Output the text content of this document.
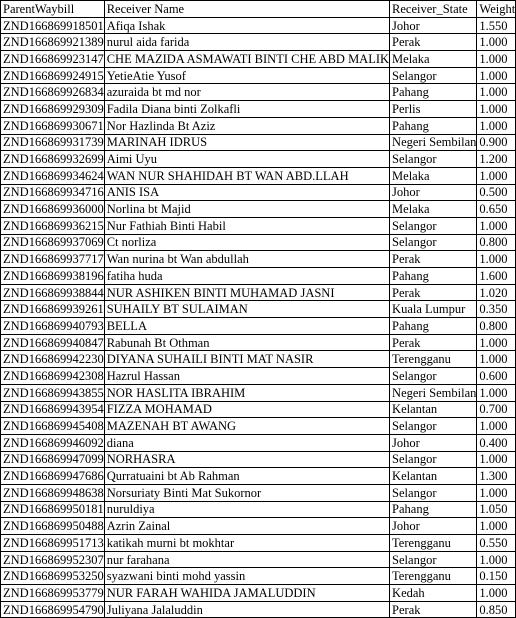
ParentWaybill	Receiver Name	Receiver_State	Weight
ZND166869918501	Afiqa Ishak	Johor	1.550
ZND166869921389	nurul aida farida	Perak	1.000
ZND166869923147	CHE MAZIDA ASMAWATI BINTI CHE ABD MALIK	Melaka	1.000
ZND166869924915	YetieAtie Yusof	Selangor	1.000
ZND166869926834	azuraida bt md nor	Pahang	1.000
ZND166869929309	Fadila Diana binti Zolkafli	Perlis	1.000
ZND166869930671	Nor Hazlinda Bt Aziz	Pahang	1.000
ZND166869931739	MARINAH IDRUS	Negeri Sembilan	0.900
ZND166869932699	Aimi Uyu	Selangor	1.200
ZND166869934624	WAN NUR SHAHIDAH BT WAN ABD.LLAH	Melaka	1.000
ZND166869934716	ANIS ISA	Johor	0.500
ZND166869936000	Norlina bt Majid	Melaka	0.650
ZND166869936215	Nur Fathiah Binti Habil	Selangor	1.000
ZND166869937069	Ct norliza	Selangor	0.800
ZND166869937717	Wan nurina bt Wan abdullah	Perak	1.000
ZND166869938196	fatiha huda	Pahang	1.600
ZND166869938844	NUR ASHIKEN BINTI MUHAMAD JASNI	Perak	1.020
ZND166869939261	SUHAILY BT SULAIMAN	Kuala Lumpur	0.350
ZND166869940793	BELLA	Pahang	0.800
ZND166869940847	Rabunah Bt Othman	Perak	1.000
ZND166869942230	DIYANA SUHAILI BINTI MAT NASIR	Terengganu	1.000
ZND166869942308	Hazrul Hassan	Selangor	0.600
ZND166869943855	NOR HASLITA IBRAHIM	Negeri Sembilan	1.000
ZND166869943954	FIZZA MOHAMAD	Kelantan	0.700
ZND166869945408	MAZENAH BT AWANG	Selangor	1.000
ZND166869946092	diana	Johor	0.400
ZND166869947099	NORHASRA	Selangor	1.000
ZND166869947686	Qurratuaini bt Ab Rahman	Kelantan	1.300
ZND166869948638	Norsuriaty Binti Mat Sukornor	Selangor	1.000
ZND166869950181	nuruldiya	Pahang	1.050
ZND166869950488	Azrin Zainal	Johor	1.000
ZND166869951713	katikah murni bt mokhtar	Terengganu	0.550
ZND166869952307	nur farahana	Selangor	1.000
ZND166869953250	syazwani binti mohd yassin	Terengganu	0.150
ZND166869953779	NUR FARAH WAHIDA JAMALUDDIN	Kedah	1.000
ZND166869954790	Juliyana Jalaluddin	Perak	0.850
